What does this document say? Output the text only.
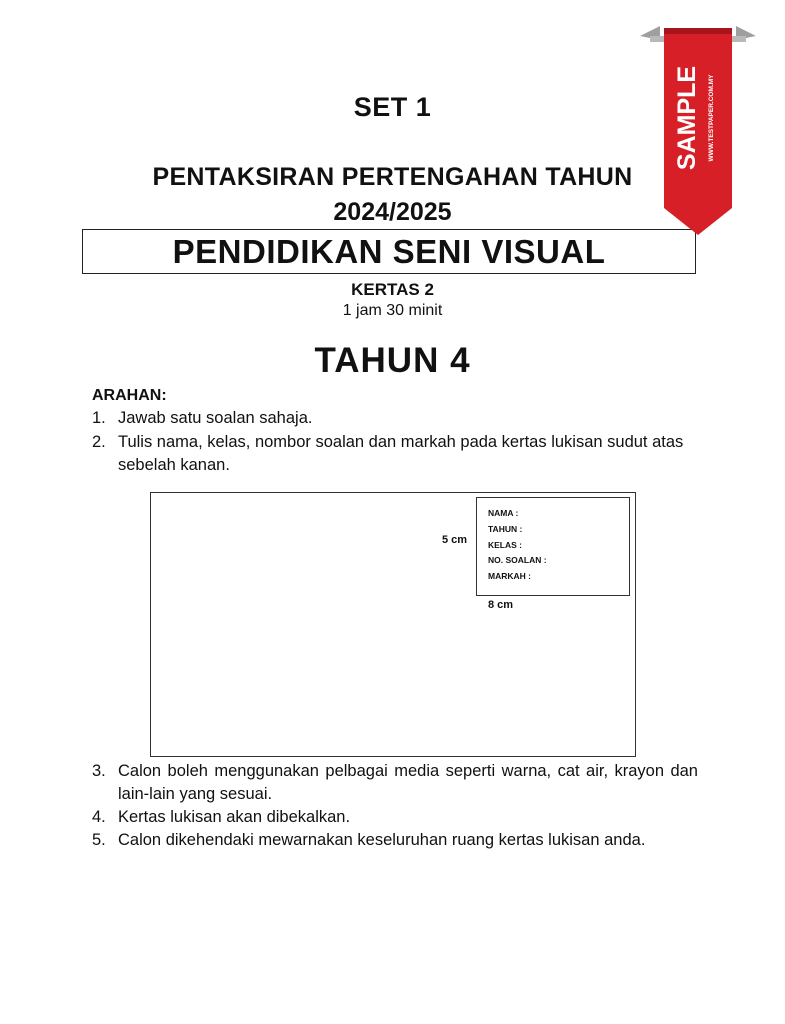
SET 1
PENTAKSIRAN PERTENGAHAN TAHUN
2024/2025
PENDIDIKAN SENI VISUAL
KERTAS 2
1 jam 30 minit
TAHUN 4
ARAHAN:
1. Jawab satu soalan sahaja.
2. Tulis nama, kelas, nombor soalan dan markah pada kertas lukisan sudut atas sebelah kanan.
NAMA :
TAHUN :
KELAS :
NO. SOALAN :
MARKAH :
5 cm
8 cm
3. Calon boleh menggunakan pelbagai media seperti warna, cat air, krayon dan lain-lain yang sesuai.
4. Kertas lukisan akan dibekalkan.
5. Calon dikehendaki mewarnakan keseluruhan ruang kertas lukisan anda.
SAMPLE WWW.TESTPAPER.COM.MY
